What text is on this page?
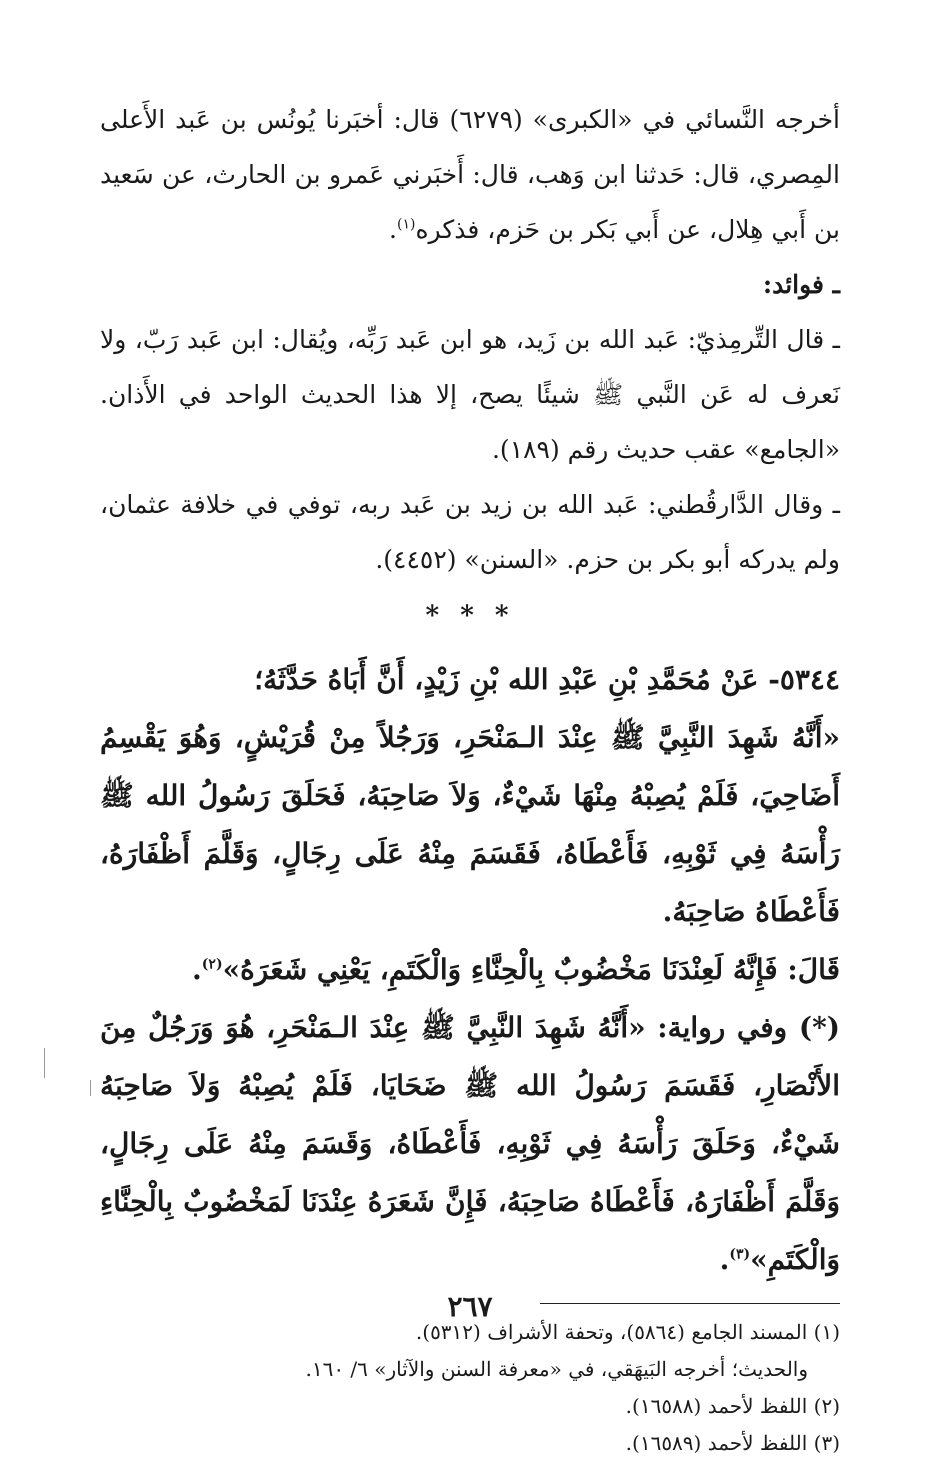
أخرجه النَّسائي في «الكبرى» (٦٢٧٩) قال: أخبَرنا يُونُس بن عَبد الأَعلى المِصري، قال: حَدثنا ابن وَهب، قال: أَخبَرني عَمرو بن الحارث، عن سَعيد بن أَبي هِلال، عن أَبي بَكر بن حَزم، فذكره$^{(١)}$.

ـ فوائد:

ـ قال التِّرمِذيّ: عَبد الله بن زَيد، هو ابن عَبد رَبِّه، ويُقال: ابن عَبد رَبّ، ولا نَعرف له عَن النَّبي ﷺ شيئًا يصح، إلا هذا الحديث الواحد في الأَذان. «الجامع» عقب حديث رقم (١٨٩).

ـ وقال الدَّارقُطني: عَبد الله بن زيد بن عَبد ربه، توفي في خلافة عثمان، ولم يدركه أبو بكر بن حزم. «السنن» (٤٤٥٢).

* * *

٥٣٤٤- عَنْ مُحَمَّدِ بْنِ عَبْدِ الله بْنِ زَيْدٍ، أَنَّ أَبَاهُ حَدَّثَهُ؛

«أَنَّهُ شَهِدَ النَّبِيَّ ﷺ عِنْدَ الـمَنْحَرِ، وَرَجُلاً مِنْ قُرَيْشٍ، وَهُوَ يَقْسِمُ أَضَاحِيَ، فَلَمْ يُصِبْهُ مِنْهَا شَيْءٌ، وَلاَ صَاحِبَهُ، فَحَلَقَ رَسُولُ الله ﷺ رَأْسَهُ فِي ثَوْبِهِ، فَأَعْطَاهُ، فَقَسَمَ مِنْهُ عَلَى رِجَالٍ، وَقَلَّمَ أَظْفَارَهُ، فَأَعْطَاهُ صَاحِبَهُ.

قَالَ: فَإِنَّهُ لَعِنْدَنَا مَخْضُوبٌ بِالْحِنَّاءِ وَالْكَتَمِ، يَعْنِي شَعَرَهُ»$^{(٢)}$.

(*) وفي رواية: «أَنَّهُ شَهِدَ النَّبِيَّ ﷺ عِنْدَ الـمَنْحَرِ، هُوَ وَرَجُلٌ مِنَ الأَنْصَارِ، فَقَسَمَ رَسُولُ الله ﷺ ضَحَايَا، فَلَمْ يُصِبْهُ وَلاَ صَاحِبَهُ شَيْءٌ، وَحَلَقَ رَأْسَهُ فِي ثَوْبِهِ، فَأَعْطَاهُ، وَقَسَمَ مِنْهُ عَلَى رِجَالٍ، وَقَلَّمَ أَظْفَارَهُ، فَأَعْطَاهُ صَاحِبَهُ، فَإِنَّ شَعَرَهُ عِنْدَنَا لَمَخْضُوبٌ بِالْحِنَّاءِ وَالْكَتَمِ»$^{(٣)}$.

(١) المسند الجامع (٥٨٦٤)، وتحفة الأشراف (٥٣١٢).

والحديث؛ أخرجه البَيهَقي، في «معرفة السنن والآثار» ٦/ ١٦٠.

(٢) اللفظ لأحمد (١٦٥٨٨).

(٣) اللفظ لأحمد (١٦٥٨٩).

٢٦٧
